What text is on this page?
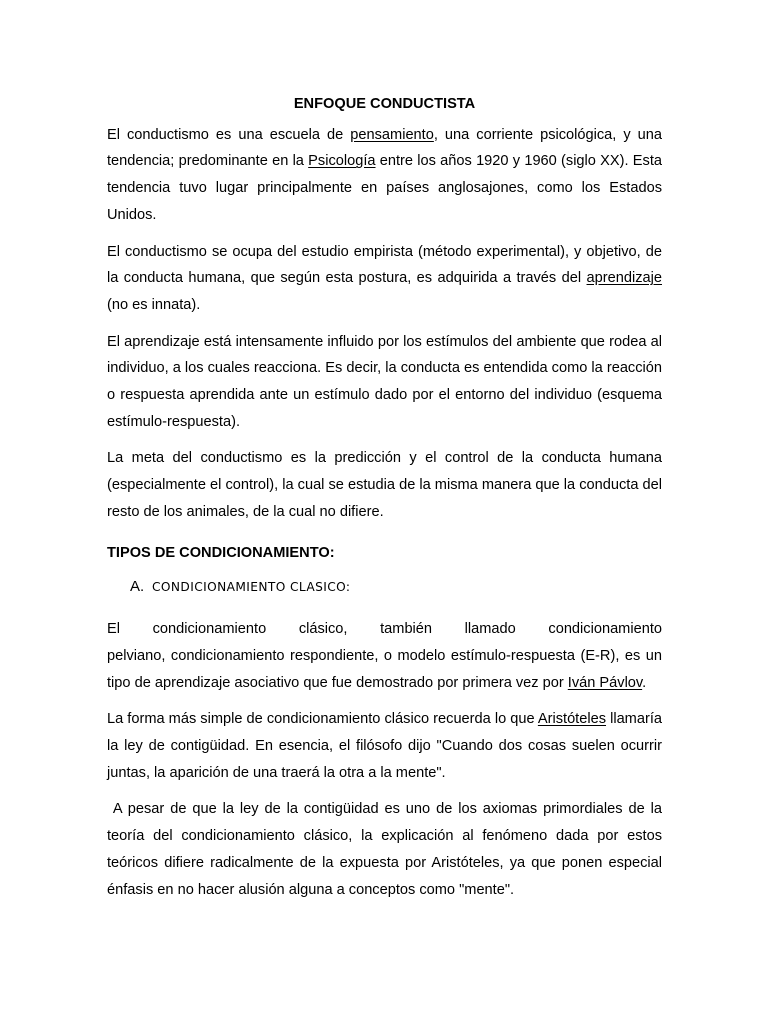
ENFOQUE CONDUCTISTA

El conductismo es una escuela de pensamiento, una corriente psicológica, y una tendencia; predominante en la Psicología entre los años 1920 y 1960 (siglo XX). Esta tendencia tuvo lugar principalmente en países anglosajones, como los Estados Unidos.

El conductismo se ocupa del estudio empirista (método experimental), y objetivo, de la conducta humana, que según esta postura, es adquirida a través del aprendizaje (no es innata).

El aprendizaje está intensamente influido por los estímulos del ambiente que rodea al individuo, a los cuales reacciona. Es decir, la conducta es entendida como la reacción o respuesta aprendida ante un estímulo dado por el entorno del individuo (esquema estímulo-respuesta).

La meta del conductismo es la predicción y el control de la conducta humana (especialmente el control), la cual se estudia de la misma manera que la conducta del resto de los animales, de la cual no difiere.

TIPOS DE CONDICIONAMIENTO:
A. CONDICIONAMIENTO CLASICO:

El condicionamiento clásico, también llamado condicionamiento

pelviano, condicionamiento respondiente, o modelo estímulo-respuesta (E-R), es un tipo de aprendizaje asociativo que fue demostrado por primera vez por Iván Pávlov.

La forma más simple de condicionamiento clásico recuerda lo que Aristóteles llamaría la ley de contigüidad. En esencia, el filósofo dijo "Cuando dos cosas suelen ocurrir juntas, la aparición de una traerá la otra a la mente".

A pesar de que la ley de la contigüidad es uno de los axiomas primordiales de la teoría del condicionamiento clásico, la explicación al fenómeno dada por estos teóricos difiere radicalmente de la expuesta por Aristóteles, ya que ponen especial énfasis en no hacer alusión alguna a conceptos como "mente".
